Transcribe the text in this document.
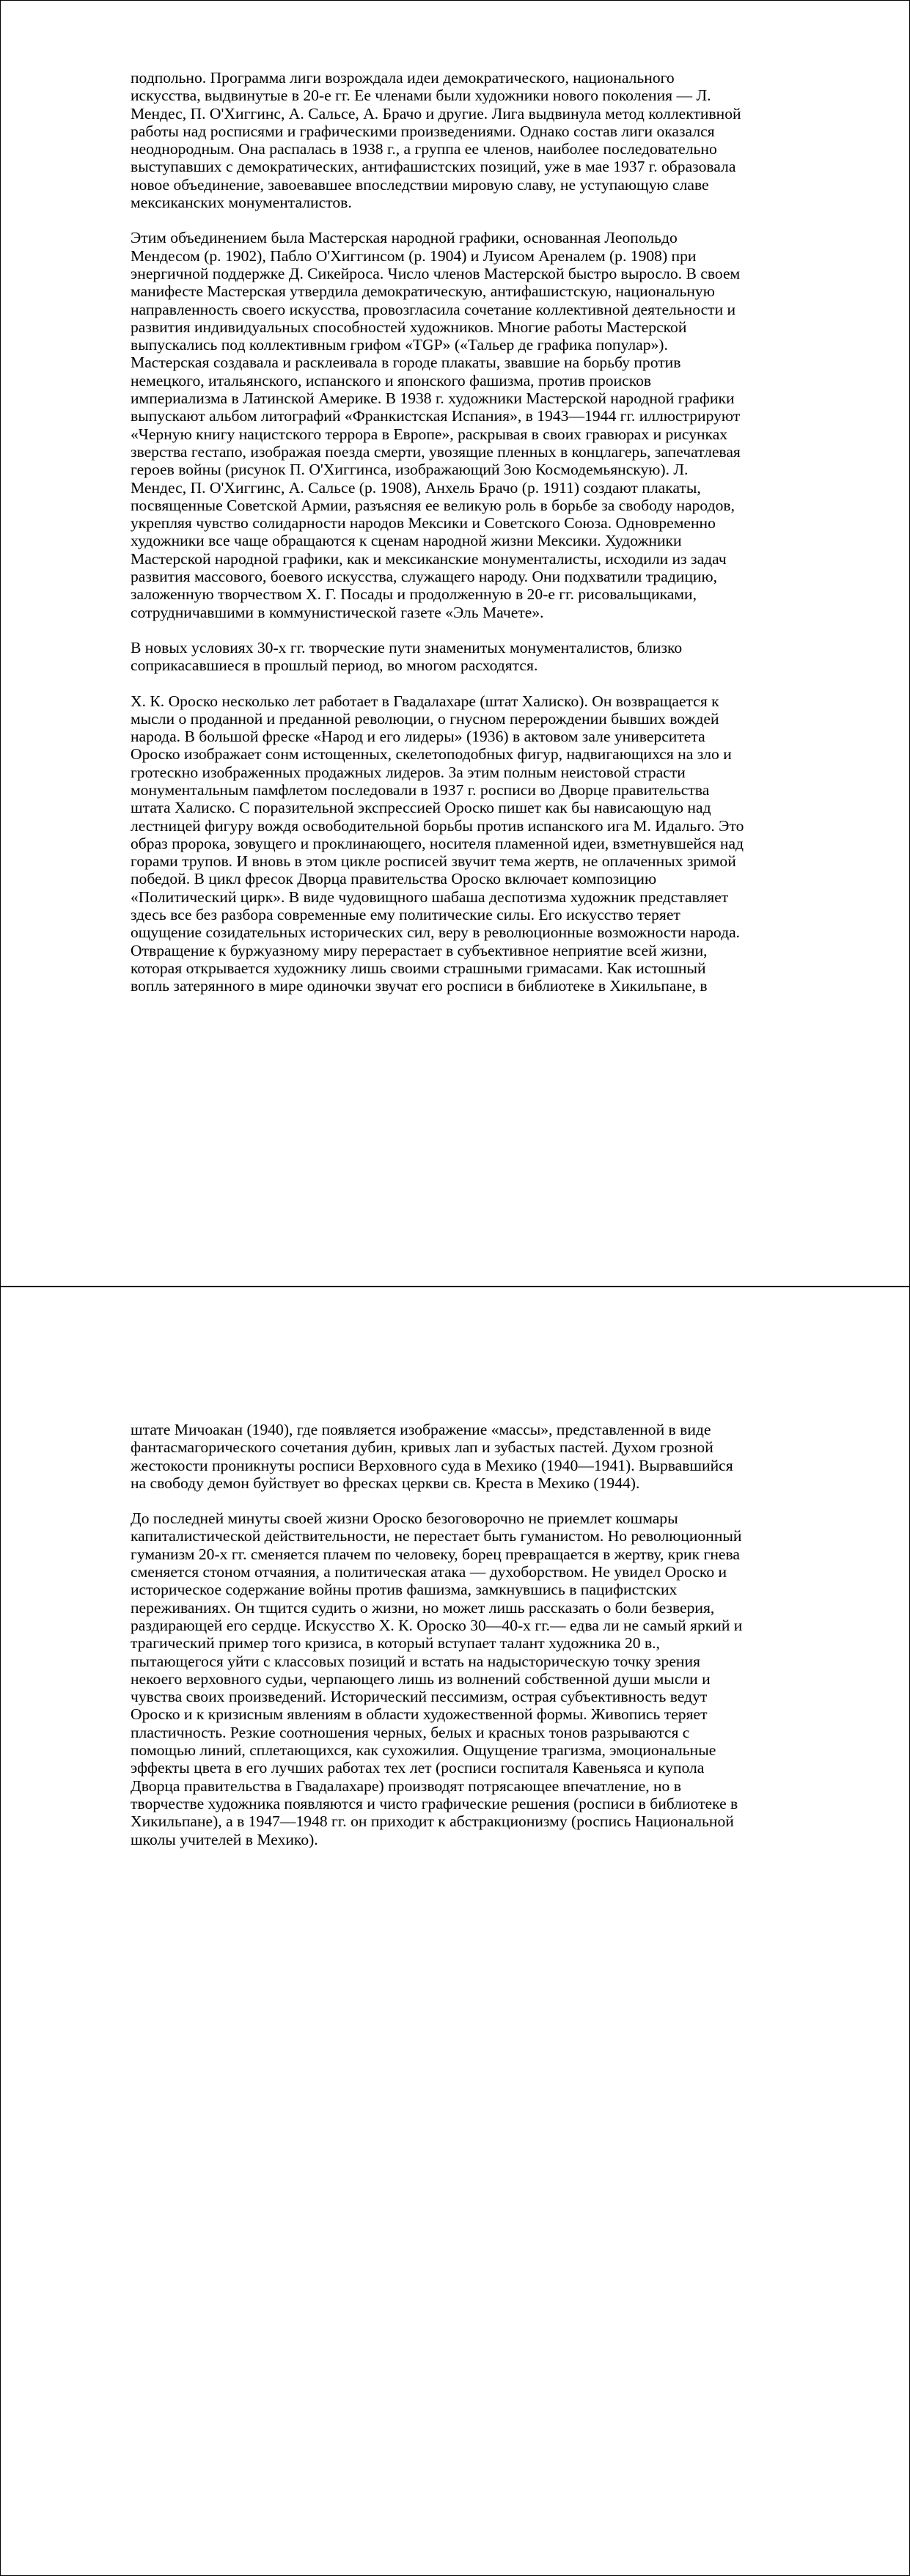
подпольно. Программа лиги возрождала идеи демократического, национального
искусства, выдвинутые в 20-е гг. Ее членами были художники нового поколения — Л.
Мендес, П. О'Хиггинс, А. Сальсе, А. Брачо и другие. Лига выдвинула метод коллективной
работы над росписями и графическими произведениями. Однако состав лиги оказался
неоднородным. Она распалась в 1938 г., а группа ее членов, наиболее последовательно
выступавших с демократических, антифашистских позиций, уже в мае 1937 г. образовала
новое объединение, завоевавшее впоследствии мировую славу, не уступающую славе
мексиканских монументалистов.

Этим объединением была Мастерская народной графики, основанная Леопольдо
Мендесом (р. 1902), Пабло О'Хиггинсом (р. 1904) и Луисом Ареналем (р. 1908) при
энергичной поддержке Д. Сикейроса. Число членов Мастерской быстро выросло. В своем
манифесте Мастерская утвердила демократическую, антифашистскую, национальную
направленность своего искусства, провозгласила сочетание коллективной деятельности и
развития индивидуальных способностей художников. Многие работы Мастерской
выпускались под коллективным грифом «TGP» («Тальер де графика популар»).
Мастерская создавала и расклеивала в городе плакаты, звавшие на борьбу против
немецкого, итальянского, испанского и японского фашизма, против происков
империализма в Латинской Америке. В 1938 г. художники Мастерской народной графики
выпускают альбом литографий «Франкистская Испания», в 1943—1944 гг. иллюстрируют
«Черную книгу нацистского террора в Европе», раскрывая в своих гравюрах и рисунках
зверства гестапо, изображая поезда смерти, увозящие пленных в концлагерь, запечатлевая
героев войны (рисунок П. О'Хиггинса, изображающий Зою Космодемьянскую). Л.
Мендес, П. О'Хиггинс, А. Сальсе (р. 1908), Анхель Брачо (р. 1911) создают плакаты,
посвященные Советской Армии, разъясняя ее великую роль в борьбе за свободу народов,
укрепляя чувство солидарности народов Мексики и Советского Союза. Одновременно
художники все чаще обращаются к сценам народной жизни Мексики. Художники
Мастерской народной графики, как и мексиканские монументалисты, исходили из задач
развития массового, боевого искусства, служащего народу. Они подхватили традицию,
заложенную творчеством Х. Г. Посады и продолженную в 20-е гг. рисовальщиками,
сотрудничавшими в коммунистической газете «Эль Мачете».

В новых условиях 30-х гг. творческие пути знаменитых монументалистов, близко
соприкасавшиеся в прошлый период, во многом расходятся.

Х. К. Ороско несколько лет работает в Гвадалахаре (штат Халиско). Он возвращается к
мысли о проданной и преданной революции, о гнусном перерождении бывших вождей
народа. В большой фреске «Народ и его лидеры» (1936) в актовом зале университета
Ороско изображает сонм истощенных, скелетоподобных фигур, надвигающихся на зло и
гротескно изображенных продажных лидеров. За этим полным неистовой страсти
монументальным памфлетом последовали в 1937 г. росписи во Дворце правительства
штата Халиско. С поразительной экспрессией Ороско пишет как бы нависающую над
лестницей фигуру вождя освободительной борьбы против испанского ига М. Идальго. Это
образ пророка, зовущего и проклинающего, носителя пламенной идеи, взметнувшейся над
горами трупов. И вновь в этом цикле росписей звучит тема жертв, не оплаченных зримой
победой. В цикл фресок Дворца правительства Ороско включает композицию
«Политический цирк». В виде чудовищного шабаша деспотизма художник представляет
здесь все без разбора современные ему политические силы. Его искусство теряет
ощущение созидательных исторических сил, веру в революционные возможности народа.
Отвращение к буржуазному миру перерастает в субъективное неприятие всей жизни,
которая открывается художнику лишь своими страшными гримасами. Как истошный
вопль затерянного в мире одиночки звучат его росписи в библиотеке в Хикильпане, в

штате Мичоакан (1940), где появляется изображение «массы», представленной в виде
фантасмагорического сочетания дубин, кривых лап и зубастых пастей. Духом грозной
жестокости проникнуты росписи Верховного суда в Мехико (1940—1941). Вырвавшийся
на свободу демон буйствует во фресках церкви св. Креста в Мехико (1944).

До последней минуты своей жизни Ороско безоговорочно не приемлет кошмары
капиталистической действительности, не перестает быть гуманистом. Но революционный
гуманизм 20-х гг. сменяется плачем по человеку, борец превращается в жертву, крик гнева
сменяется стоном отчаяния, а политическая атака — духоборством. Не увидел Ороско и
историческое содержание войны против фашизма, замкнувшись в пацифистских
переживаниях. Он тщится судить о жизни, но может лишь рассказать о боли безверия,
раздирающей его сердце. Искусство Х. К. Ороско 30—40-х гг.— едва ли не самый яркий и
трагический пример того кризиса, в который вступает талант художника 20 в.,
пытающегося уйти с классовых позиций и встать на надысторическую точку зрения
некоего верховного судьи, черпающего лишь из волнений собственной души мысли и
чувства своих произведений. Исторический пессимизм, острая субъективность ведут
Ороско и к кризисным явлениям в области художественной формы. Живопись теряет
пластичность. Резкие соотношения черных, белых и красных тонов разрываются с
помощью линий, сплетающихся, как сухожилия. Ощущение трагизма, эмоциональные
эффекты цвета в его лучших работах тех лет (росписи госпиталя Кавеньяса и купола
Дворца правительства в Гвадалахаре) производят потрясающее впечатление, но в
творчестве художника появляются и чисто графические решения (росписи в библиотеке в
Хикильпане), а в 1947—1948 гг. он приходит к абстракционизму (роспись Национальной
школы учителей в Мехико).
